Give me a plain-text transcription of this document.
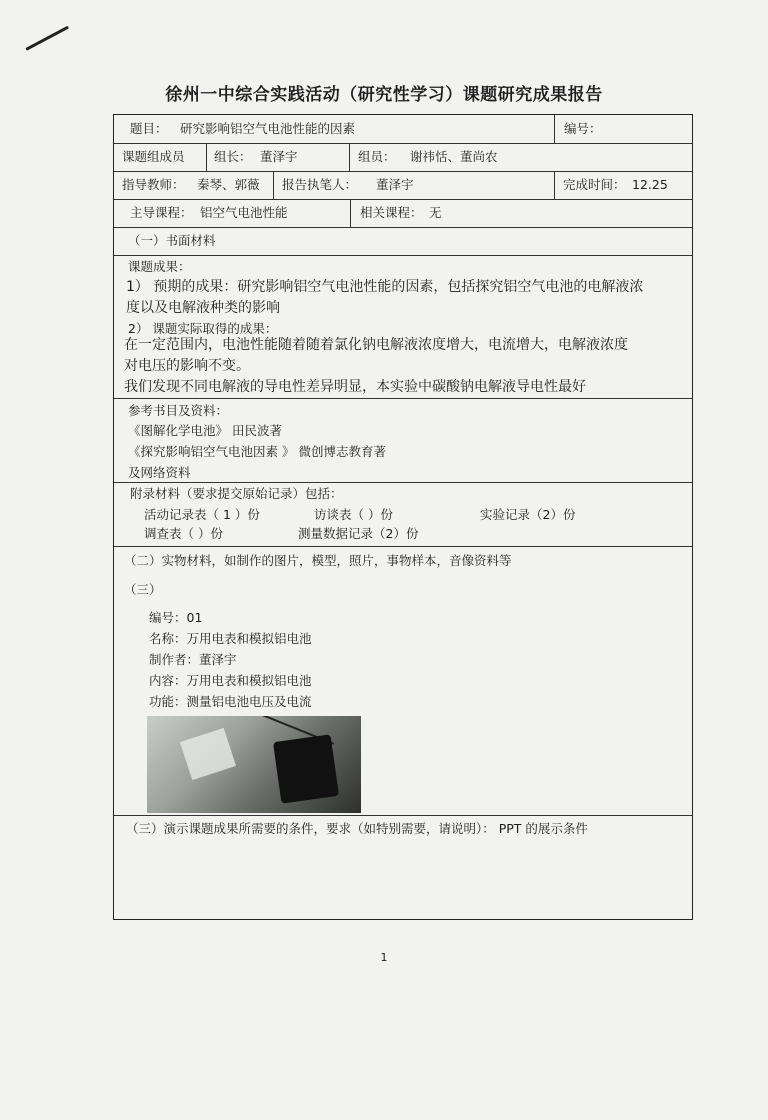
徐州一中综合实践活动（研究性学习）课题研究成果报告
题目： 研究影响铝空气电池性能的因素	编号：
课题组成员 组长： 董泽宇	组员： 谢祎恬、董尚农
指导教师： 秦琴、郭薇 报告执笔人： 董泽宇	完成时间： 12.25
主导课程： 铝空气电池性能	相关课程： 无
（一）书面材料
课题成果：
1） 预期的成果：研究影响铝空气电池性能的因素，包括探究铝空气电池的电解液浓
度以及电解液种类的影响
2） 课题实际取得的成果：
在一定范围内，电池性能随着随着氯化钠电解液浓度增大，电流增大，电解液浓度
对电压的影响不变。
我们发现不同电解液的导电性差异明显，本实验中碳酸钠电解液导电性最好
参考书目及资料：
《图解化学电池》 田民波著
《探究影响铝空气电池因素 》 微创博志教育著
及网络资料
附录材料（要求提交原始记录）包括：
活动记录表（ 1 ）份	访谈表（ ）份	实验记录（2）份
调查表（ ）份	测量数据记录（2）份
（二）实物材料，如制作的图片，模型，照片，事物样本，音像资料等
（三）
编号：01
名称：万用电表和模拟铝电池
制作者：董泽宇
内容：万用电表和模拟铝电池
功能：测量铝电池电压及电流
（三）演示课题成果所需要的条件，要求（如特别需要，请说明）： PPT 的展示条件
1
